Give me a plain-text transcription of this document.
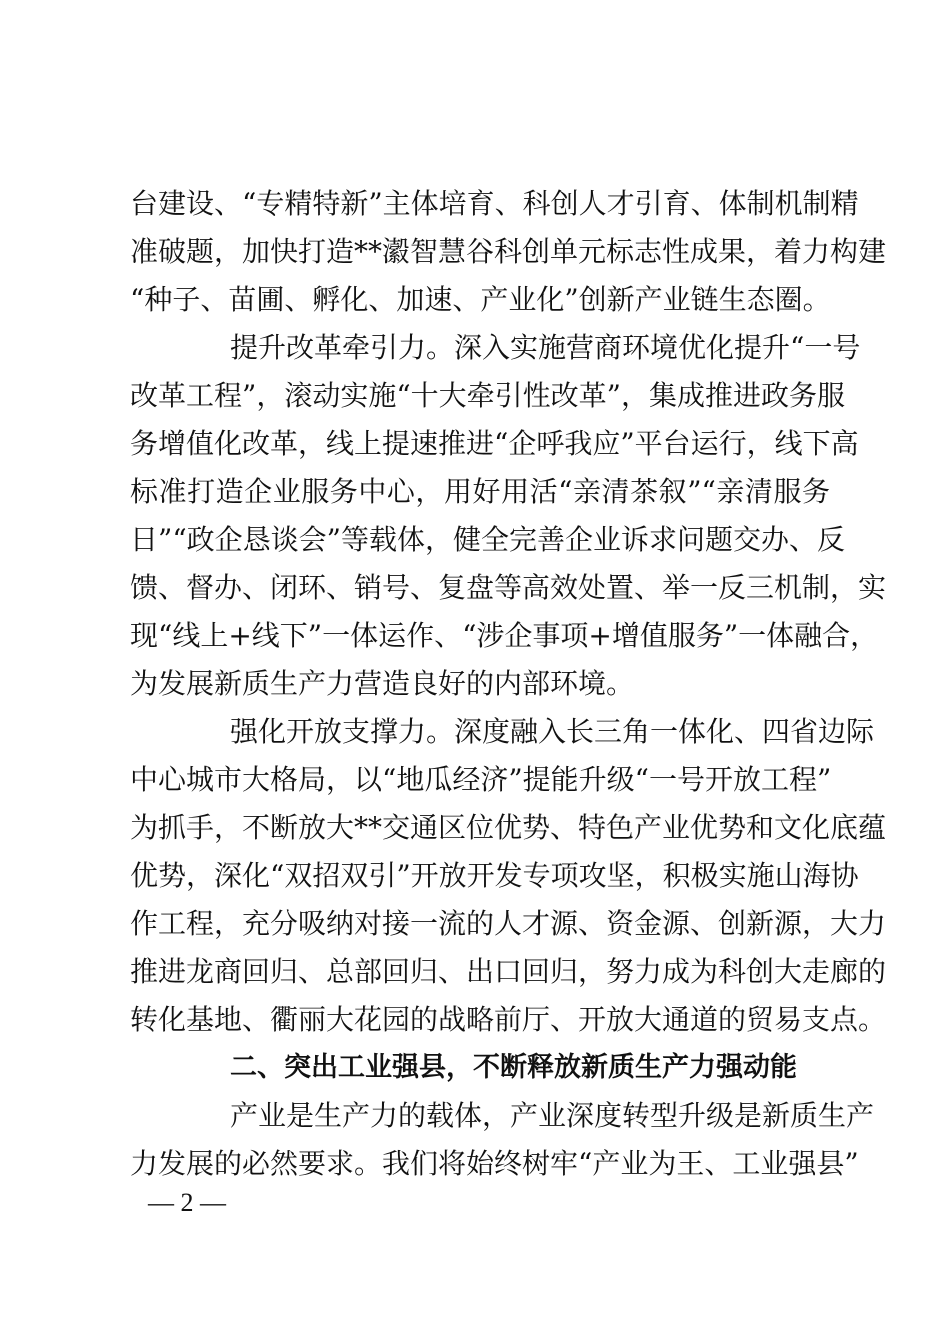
台建设、“专精特新”主体培育、科创人才引育、体制机制精
准破题，加快打造**瀫智慧谷科创单元标志性成果，着力构建
“种子、苗圃、孵化、加速、产业化”创新产业链生态圈。
提升改革牵引力。深入实施营商环境优化提升“一号
改革工程”，滚动实施“十大牵引性改革”，集成推进政务服
务增值化改革，线上提速推进“企呼我应”平台运行，线下高
标准打造企业服务中心，用好用活“亲清茶叙”“亲清服务
日”“政企恳谈会”等载体，健全完善企业诉求问题交办、反
馈、督办、闭环、销号、复盘等高效处置、举一反三机制，实
现“线上+线下”一体运作、“涉企事项+增值服务”一体融合，
为发展新质生产力营造良好的内部环境。
强化开放支撑力。深度融入长三角一体化、四省边际
中心城市大格局，以“地瓜经济”提能升级“一号开放工程”
为抓手，不断放大**交通区位优势、特色产业优势和文化底蕴
优势，深化“双招双引”开放开发专项攻坚，积极实施山海协
作工程，充分吸纳对接一流的人才源、资金源、创新源，大力
推进龙商回归、总部回归、出口回归，努力成为科创大走廊的
转化基地、衢丽大花园的战略前厅、开放大通道的贸易支点。
二、突出工业强县，不断释放新质生产力强动能
产业是生产力的载体，产业深度转型升级是新质生产
力发展的必然要求。我们将始终树牢“产业为王、工业强县”
— 2 —
